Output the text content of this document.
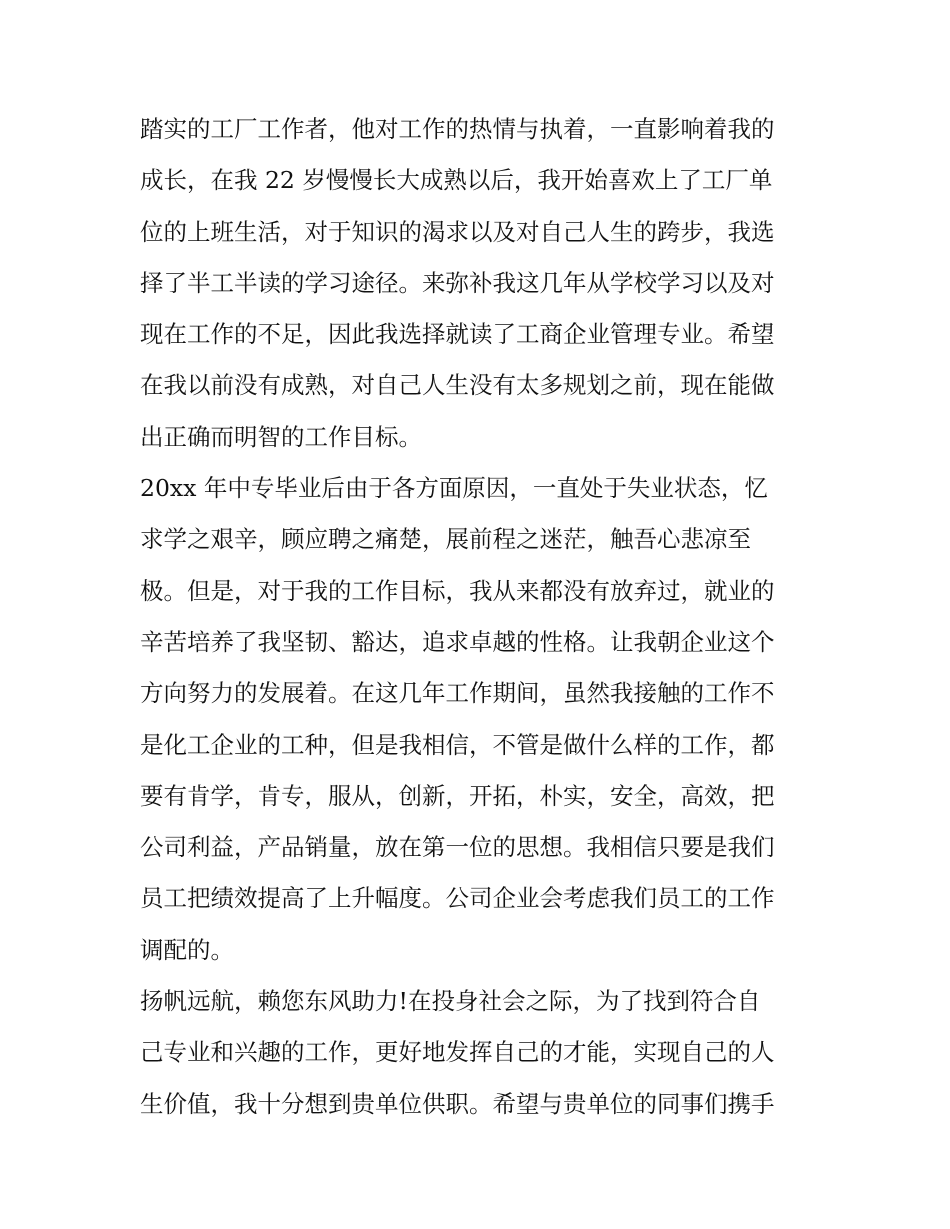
踏实的工厂工作者，他对工作的热情与执着，一直影响着我的
成长，在我 22 岁慢慢长大成熟以后，我开始喜欢上了工厂单
位的上班生活，对于知识的渴求以及对自己人生的跨步，我选
择了半工半读的学习途径。来弥补我这几年从学校学习以及对
现在工作的不足，因此我选择就读了工商企业管理专业。希望
在我以前没有成熟，对自己人生没有太多规划之前，现在能做
出正确而明智的工作目标。
20xx 年中专毕业后由于各方面原因，一直处于失业状态，忆
求学之艰辛，顾应聘之痛楚，展前程之迷茫，触吾心悲凉至
极。但是，对于我的工作目标，我从来都没有放弃过，就业的
辛苦培养了我坚韧、豁达，追求卓越的性格。让我朝企业这个
方向努力的发展着。在这几年工作期间，虽然我接触的工作不
是化工企业的工种，但是我相信，不管是做什么样的工作，都
要有肯学，肯专，服从，创新，开拓，朴实，安全，高效，把
公司利益，产品销量，放在第一位的思想。我相信只要是我们
员工把绩效提高了上升幅度。公司企业会考虑我们员工的工作
调配的。
扬帆远航，赖您东风助力!在投身社会之际，为了找到符合自
己专业和兴趣的工作，更好地发挥自己的才能，实现自己的人
生价值，我十分想到贵单位供职。希望与贵单位的同事们携手
